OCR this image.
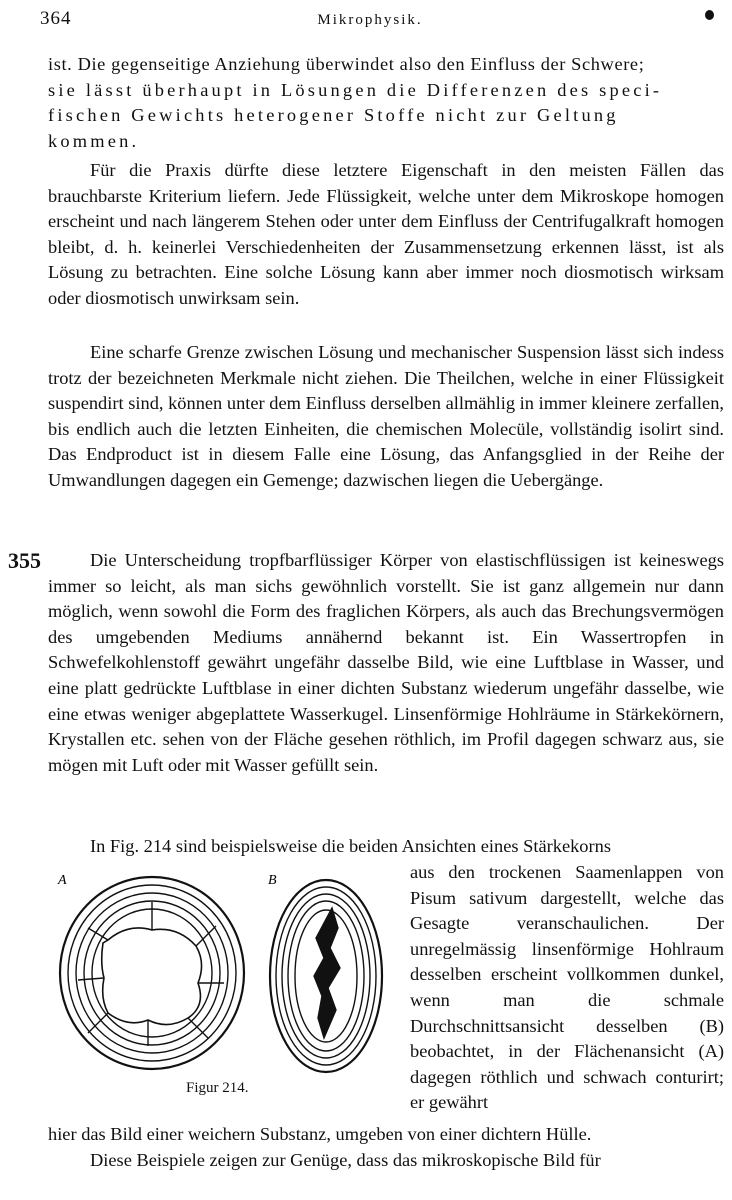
364	Mikrophysik.

ist. Die gegenseitige Anziehung überwindet also den Einfluss der Schwere;

sie lässt überhaupt in Lösungen die Differenzen des speci-

fischen Gewichts heterogener Stoffe nicht zur Geltung

kommen.

Für die Praxis dürfte diese letztere Eigenschaft in den meisten Fällen das brauchbarste Kriterium liefern. Jede Flüssigkeit, welche unter dem Mikroskope homogen erscheint und nach längerem Stehen oder unter dem Einfluss der Centrifugalkraft homogen bleibt, d. h. keinerlei Verschiedenheiten der Zusammensetzung erkennen lässt, ist als Lösung zu betrachten. Eine solche Lösung kann aber immer noch diosmotisch wirksam oder diosmotisch unwirksam sein.

Eine scharfe Grenze zwischen Lösung und mechanischer Suspension lässt sich indess trotz der bezeichneten Merkmale nicht ziehen. Die Theilchen, welche in einer Flüssigkeit suspendirt sind, können unter dem Einfluss derselben allmählig in immer kleinere zerfallen, bis endlich auch die letzten Einheiten, die chemischen Molecüle, vollständig isolirt sind. Das Endproduct ist in diesem Falle eine Lösung, das Anfangsglied in der Reihe der Umwandlungen dagegen ein Gemenge; dazwischen liegen die Uebergänge.

355	Die Unterscheidung tropfbarflüssiger Körper von elastischflüssigen ist keineswegs immer so leicht, als man sichs gewöhnlich vorstellt. Sie ist ganz allgemein nur dann möglich, wenn sowohl die Form des fraglichen Körpers, als auch das Brechungsvermögen des umgebenden Mediums annähernd bekannt ist. Ein Wassertropfen in Schwefelkohlenstoff gewährt ungefähr dasselbe Bild, wie eine Luftblase in Wasser, und eine platt gedrückte Luftblase in einer dichten Substanz wiederum ungefähr dasselbe, wie eine etwas weniger abgeplattete Wasserkugel. Linsenförmige Hohlräume in Stärkekörnern, Krystallen etc. sehen von der Fläche gesehen röthlich, im Profil dagegen schwarz aus, sie mögen mit Luft oder mit Wasser gefüllt sein.

In Fig. 214 sind beispielsweise die beiden Ansichten eines Stärkekorns

aus den trockenen Saamenlappen von Pisum sativum dargestellt, welche das Gesagte veranschaulichen. Der unregelmässig linsenförmige Hohlraum desselben erscheint vollkommen dunkel, wenn man die schmale Durchschnittsansicht desselben (B) beobachtet, in der Flächenansicht (A) dagegen röthlich und schwach conturirt; er gewährt

A	B
Figur 214.

hier das Bild einer weichern Substanz, umgeben von einer dichtern Hülle.

Diese Beispiele zeigen zur Genüge, dass das mikroskopische Bild für
